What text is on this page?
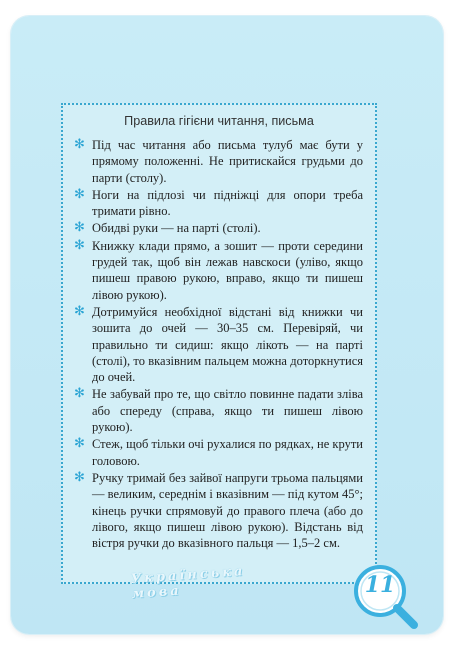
Правила гігієни читання, письма
✻ Під час читання або письма тулуб має бути у прямому положенні. Не притискайся грудьми до парти (столу).
✻ Ноги на підлозі чи підніжці для опори треба тримати рівно.
✻ Обидві руки — на парті (столі).
✻ Книжку клади прямо, а зошит — проти середини грудей так, щоб він лежав навскоси (уліво, якщо пишеш правою рукою, вправо, якщо ти пишеш лівою рукою).
✻ Дотримуйся необхідної відстані від книжки чи зошита до очей — 30–35 см. Перевіряй, чи правильно ти сидиш: якщо лікоть — на парті (столі), то вказівним пальцем можна доторкнутися до очей.
✻ Не забувай про те, що світло повинне падати зліва або спереду (справа, якщо ти пишеш лівою рукою).
✻ Стеж, щоб тільки очі рухалися по рядках, не крути головою.
✻ Ручку тримай без зайвої напруги трьома пальцями — великим, середнім і вказівним — під кутом 45°; кінець ручки спрямовуй до правого плеча (або до лівого, якщо пишеш лівою рукою). Відстань від вістря ручки до вказівного пальця — 1,5–2 см.
Українська мова	11
